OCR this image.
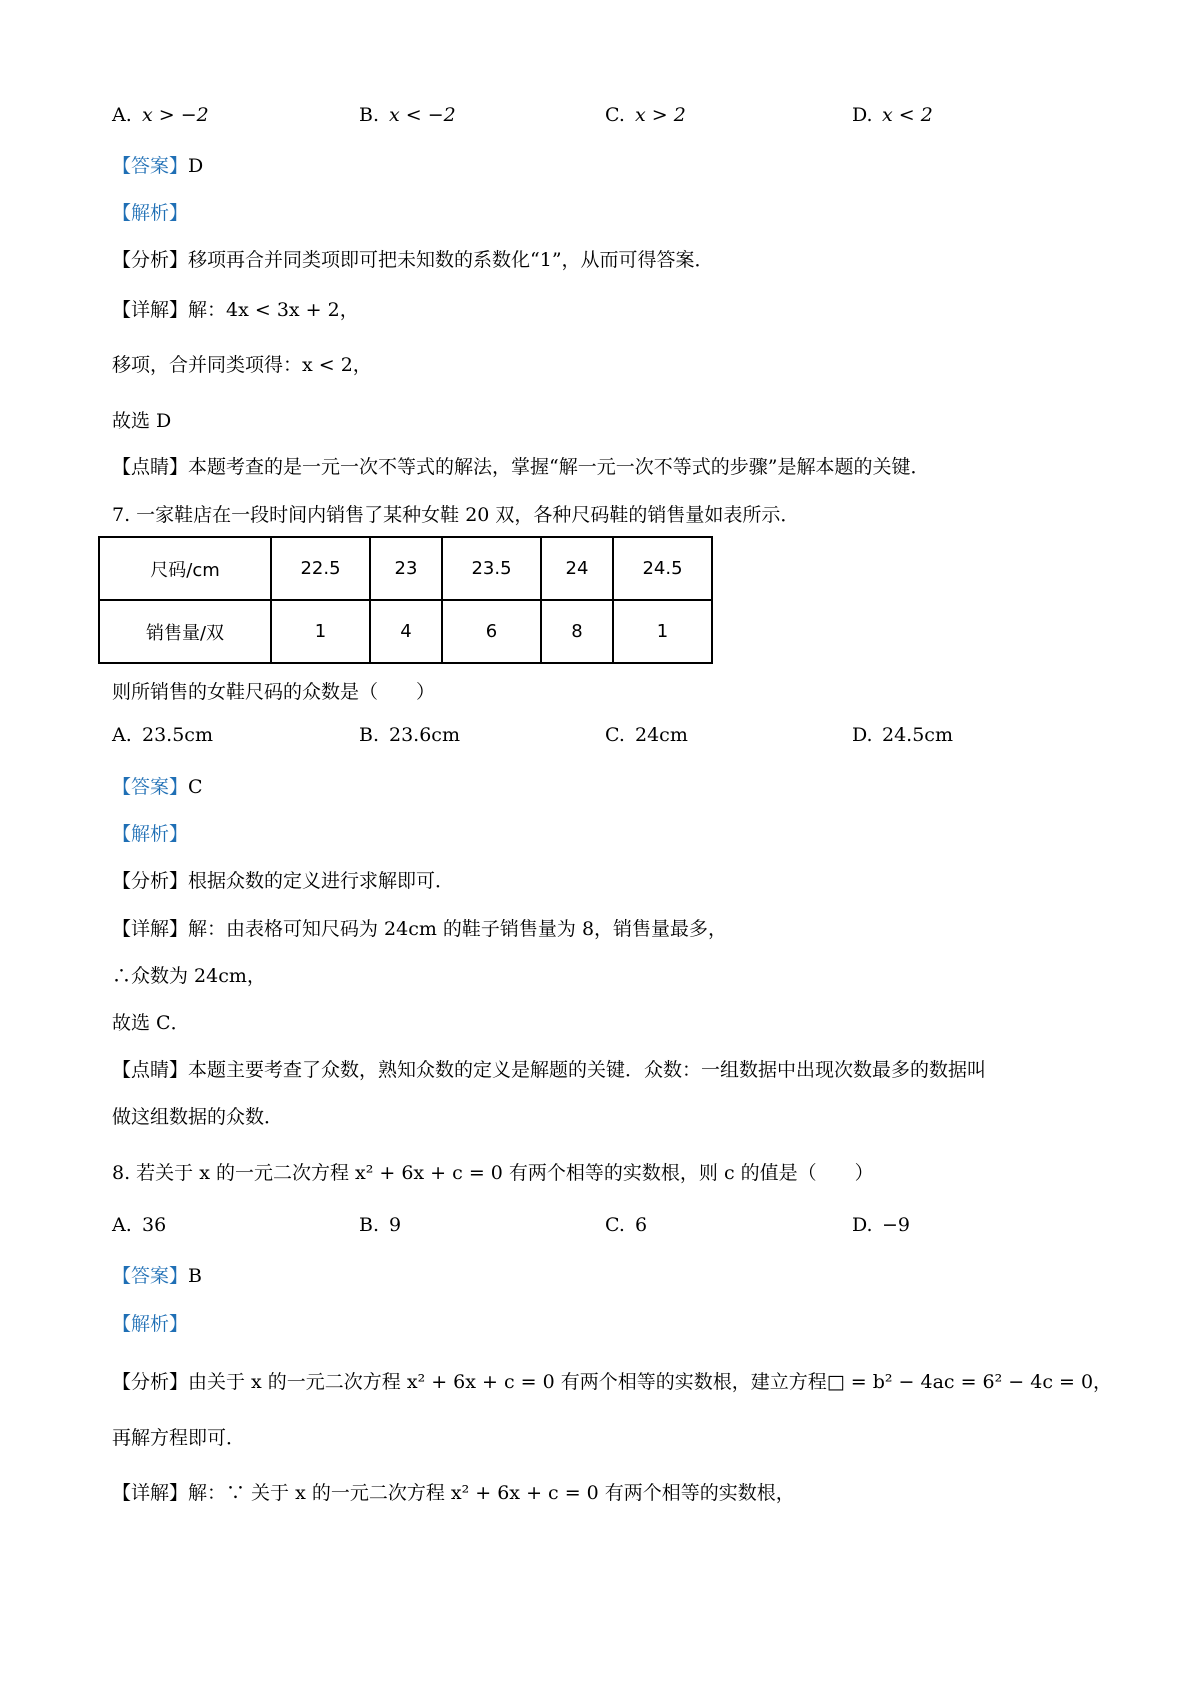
A. x > −2	B. x < −2	C. x > 2	D. x < 2
【答案】D
【解析】
【分析】移项再合并同类项即可把未知数的系数化“1”，从而可得答案．
【详解】解：4x < 3x + 2，
移项，合并同类项得：x < 2，
故选 D
【点睛】本题考查的是一元一次不等式的解法，掌握“解一元一次不等式的步骤”是解本题的关键．
7. 一家鞋店在一段时间内销售了某种女鞋 20 双，各种尺码鞋的销售量如表所示．
尺码/cm	22.5	23	23.5	24	24.5
销售量/双	1	4	6	8	1
则所销售的女鞋尺码的众数是（　　）
A. 23.5cm	B. 23.6cm	C. 24cm	D. 24.5cm
【答案】C
【解析】
【分析】根据众数的定义进行求解即可．
【详解】解：由表格可知尺码为 24cm 的鞋子销售量为 8，销售量最多，
∴众数为 24cm，
故选 C．
【点睛】本题主要考查了众数，熟知众数的定义是解题的关键．众数：一组数据中出现次数最多的数据叫
做这组数据的众数．
8. 若关于 x 的一元二次方程 x² + 6x + c = 0 有两个相等的实数根，则 c 的值是（　　）
A. 36	B. 9	C. 6	D. −9
【答案】B
【解析】
【分析】由关于 x 的一元二次方程 x² + 6x + c = 0 有两个相等的实数根，建立方程□ = b² − 4ac = 6² − 4c = 0，
再解方程即可．
【详解】解：∵ 关于 x 的一元二次方程 x² + 6x + c = 0 有两个相等的实数根，
